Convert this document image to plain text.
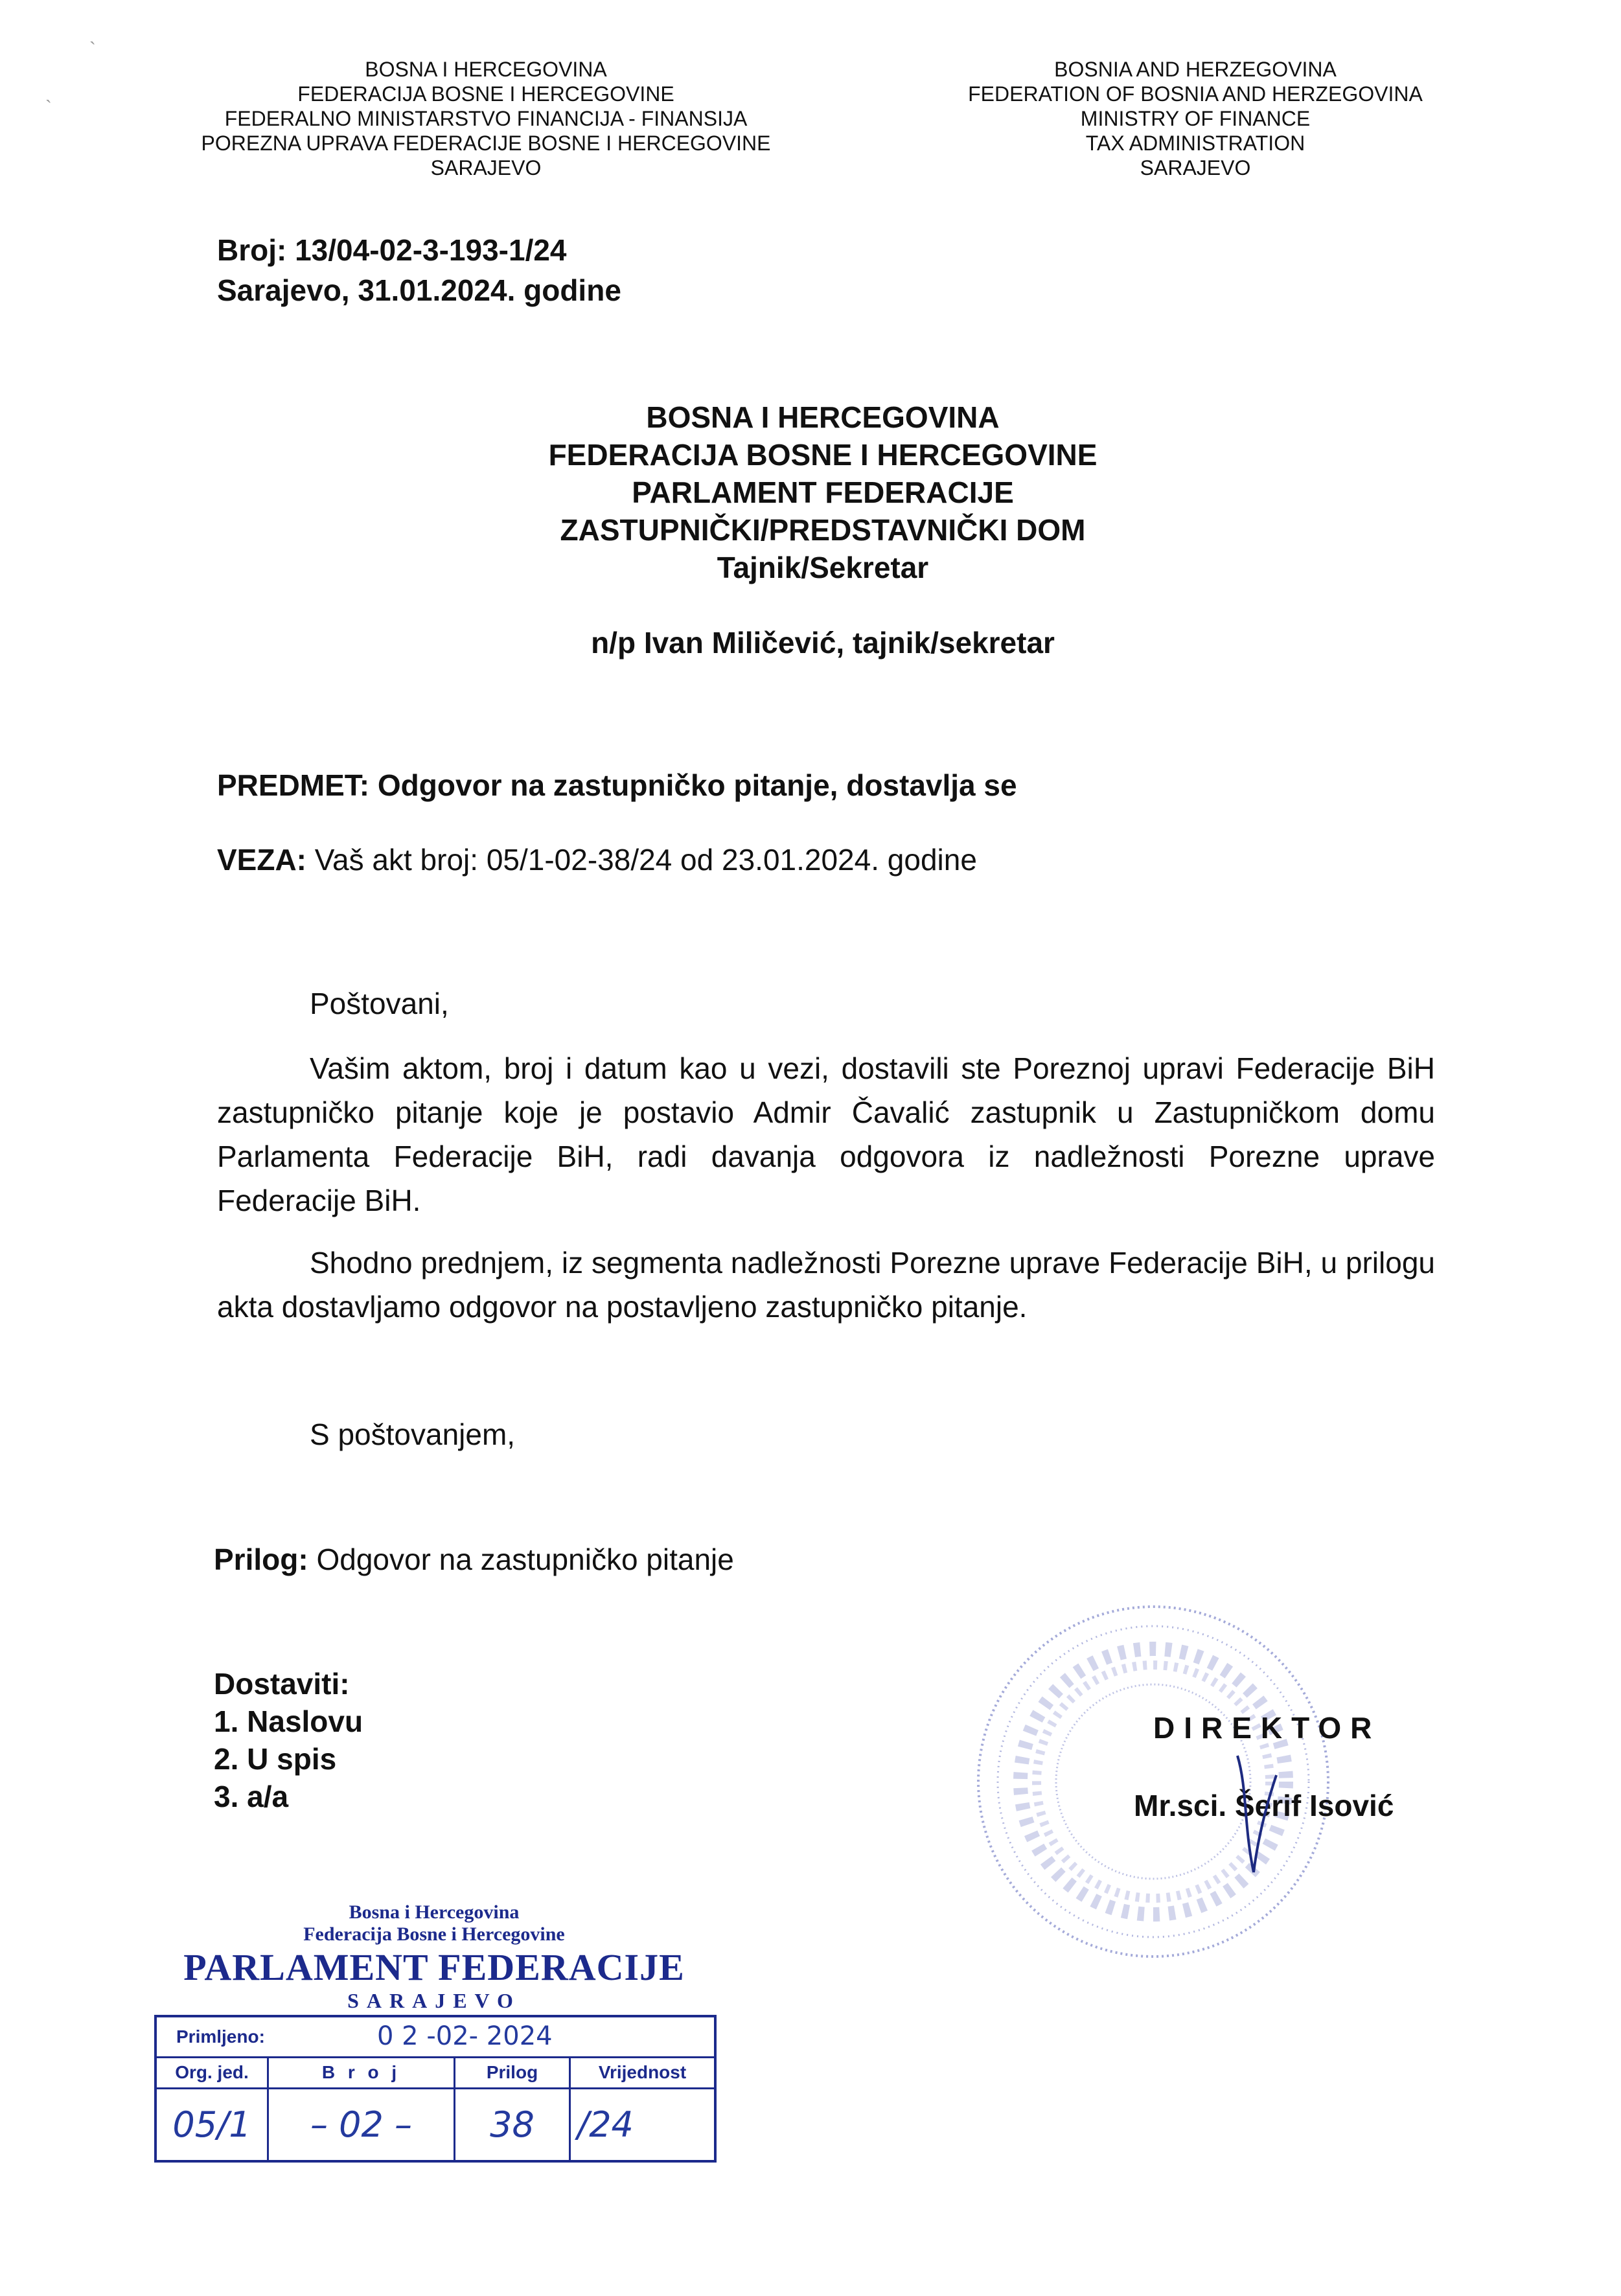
BOSNA I HERCEGOVINA
FEDERACIJA BOSNE I HERCEGOVINE
FEDERALNO MINISTARSTVO FINANCIJA - FINANSIJA
POREZNA UPRAVA FEDERACIJE BOSNE I HERCEGOVINE
SARAJEVO
BOSNIA AND HERZEGOVINA
FEDERATION OF BOSNIA AND HERZEGOVINA
MINISTRY OF FINANCE
TAX ADMINISTRATION
SARAJEVO
`
`
Broj: 13/04-02-3-193-1/24
Sarajevo, 31.01.2024. godine
BOSNA I HERCEGOVINA
FEDERACIJA BOSNE I HERCEGOVINE
PARLAMENT FEDERACIJE
ZASTUPNIČKI/PREDSTAVNIČKI DOM
Tajnik/Sekretar
n/p Ivan Miličević, tajnik/sekretar
PREDMET: Odgovor na zastupničko pitanje, dostavlja se
VEZA: Vaš akt broj: 05/1-02-38/24 od 23.01.2024. godine
Poštovani,
Vašim aktom, broj i datum kao u vezi, dostavili ste Poreznoj upravi Federacije BiH zastupničko pitanje koje je postavio Admir Čavalić zastupnik u Zastupničkom domu Parlamenta Federacije BiH, radi davanja odgovora iz nadležnosti Porezne uprave Federacije BiH.
Shodno prednjem, iz segmenta nadležnosti Porezne uprave Federacije BiH, u prilogu akta dostavljamo odgovor na postavljeno zastupničko pitanje.
S poštovanjem,
Prilog: Odgovor na zastupničko pitanje
Dostaviti:
1. Naslovu
2. U spis
3. a/a
DIREKTOR
Mr.sci. Šerif Isović
Bosna i Hercegovina
Federacija Bosne i Hercegovine
PARLAMENT FEDERACIJE
SARAJEVO
Primljeno:	0 2 -02- 2024
Org. jed.	B r o j	Prilog	Vrijednost
05/1	– 02 –	38	/24
